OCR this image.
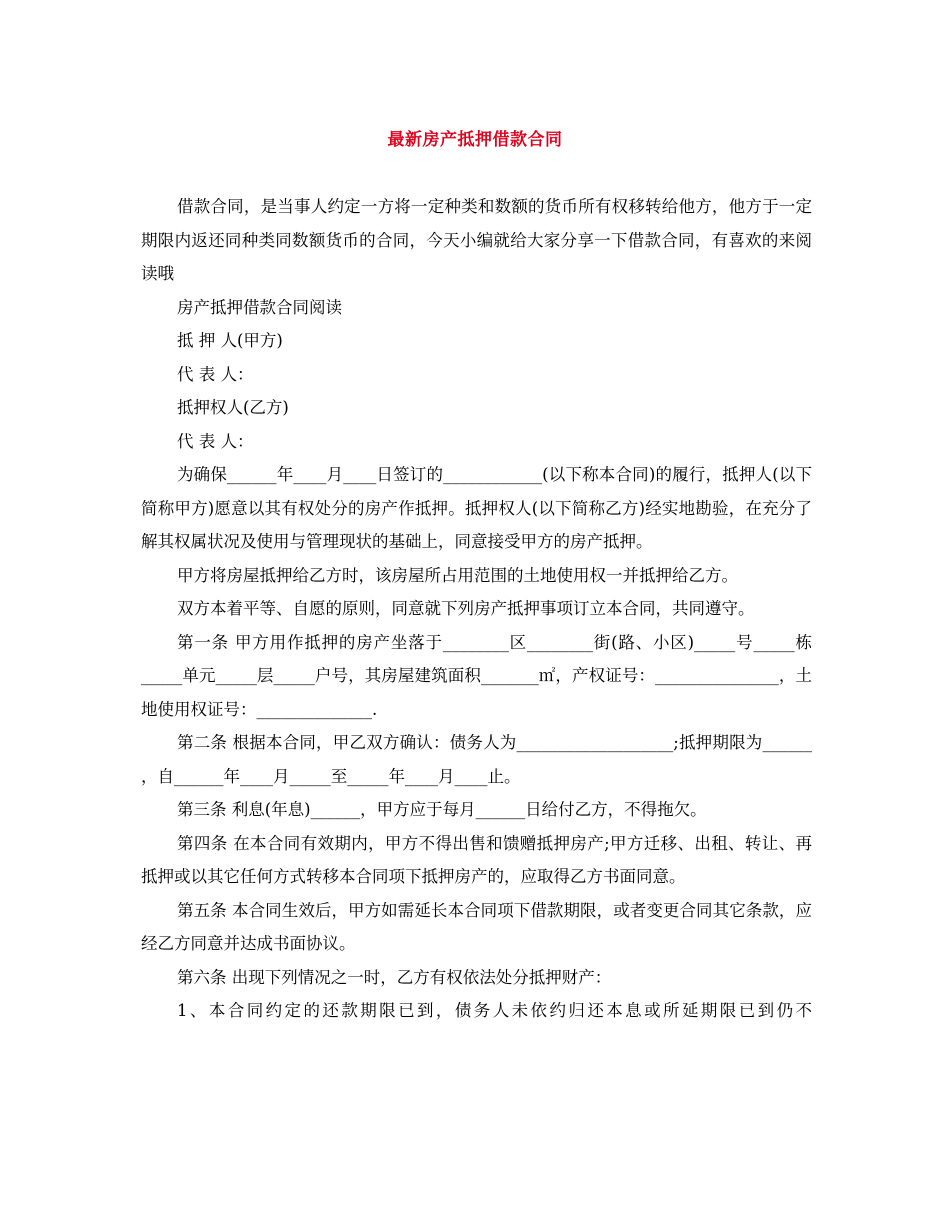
最新房产抵押借款合同

借款合同，是当事人约定一方将一定种类和数额的货币所有权移转给他方，他方于一定期限内返还同种类同数额货币的合同，今天小编就给大家分享一下借款合同，有喜欢的来阅读哦

房产抵押借款合同阅读

抵 押 人(甲方)

代 表 人：

抵押权人(乙方)

代 表 人：

为确保______年____月____日签订的____________(以下称本合同)的履行，抵押人(以下简称甲方)愿意以其有权处分的房产作抵押。抵押权人(以下简称乙方)经实地勘验，在充分了解其权属状况及使用与管理现状的基础上，同意接受甲方的房产抵押。

甲方将房屋抵押给乙方时，该房屋所占用范围的土地使用权一并抵押给乙方。

双方本着平等、自愿的原则，同意就下列房产抵押事项订立本合同，共同遵守。

第一条 甲方用作抵押的房产坐落于________区________街(路、小区)_____号_____栋_____单元_____层_____户号，其房屋建筑面积_______㎡，产权证号：_______________，土地使用权证号：______________.

第二条 根据本合同，甲乙双方确认：债务人为___________________;抵押期限为______ ，自______年____月_____至_____年____月____止。

第三条 利息(年息)______，甲方应于每月______日给付乙方，不得拖欠。

第四条 在本合同有效期内，甲方不得出售和馈赠抵押房产;甲方迁移、出租、转让、再抵押或以其它任何方式转移本合同项下抵押房产的，应取得乙方书面同意。

第五条 本合同生效后，甲方如需延长本合同项下借款期限，或者变更合同其它条款，应经乙方同意并达成书面协议。

第六条 出现下列情况之一时，乙方有权依法处分抵押财产：

1、本合同约定的还款期限已到，债务人未依约归还本息或所延期限已到仍不
